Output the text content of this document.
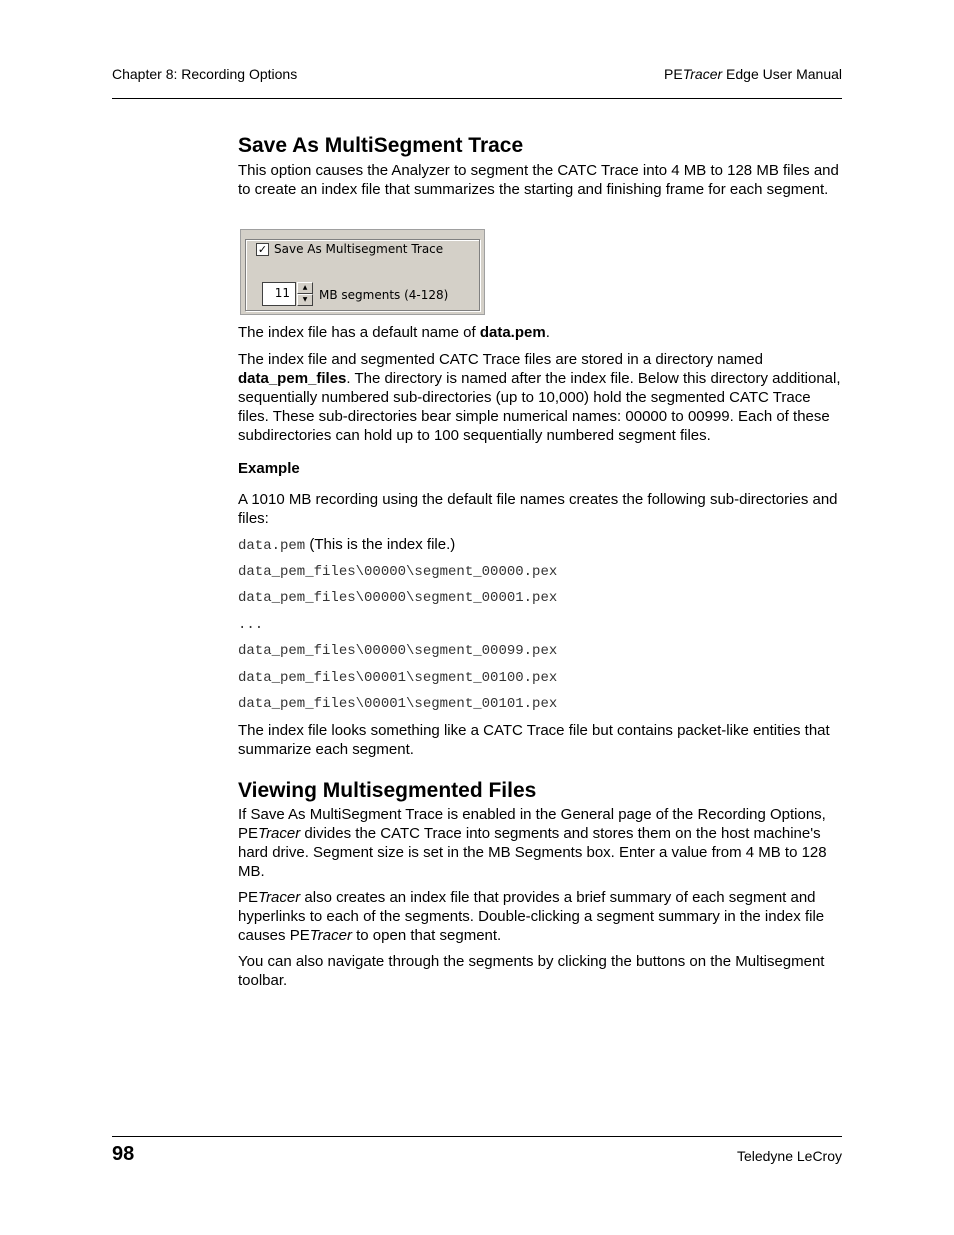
Chapter 8: Recording Options	PETracer Edge User Manual
Save As MultiSegment Trace

This option causes the Analyzer to segment the CATC Trace into 4 MB to 128 MB files and to create an index file that summarizes the starting and finishing frame for each segment.

✓ Save As Multisegment Trace
11	▲
▼ MB segments (4-128)

The index file has a default name of data.pem.

The index file and segmented CATC Trace files are stored in a directory named data_pem_files. The directory is named after the index file. Below this directory additional, sequentially numbered sub-directories (up to 10,000) hold the segmented CATC Trace files. These sub-directories bear simple numerical names: 00000 to 00999. Each of these subdirectories can hold up to 100 sequentially numbered segment files.

Example

A 1010 MB recording using the default file names creates the following sub-directories and files:

data.pem (This is the index file.)
data_pem_files\00000\segment_00000.pex
data_pem_files\00000\segment_00001.pex
...
data_pem_files\00000\segment_00099.pex
data_pem_files\00001\segment_00100.pex
data_pem_files\00001\segment_00101.pex

The index file looks something like a CATC Trace file but contains packet-like entities that summarize each segment.

Viewing Multisegmented Files

If Save As MultiSegment Trace is enabled in the General page of the Recording Options, PETracer divides the CATC Trace into segments and stores them on the host machine's hard drive. Segment size is set in the MB Segments box. Enter a value from 4 MB to 128 MB.

PETracer also creates an index file that provides a brief summary of each segment and hyperlinks to each of the segments. Double-clicking a segment summary in the index file causes PETracer to open that segment.

You can also navigate through the segments by clicking the buttons on the Multisegment toolbar.

98	Teledyne LeCroy
